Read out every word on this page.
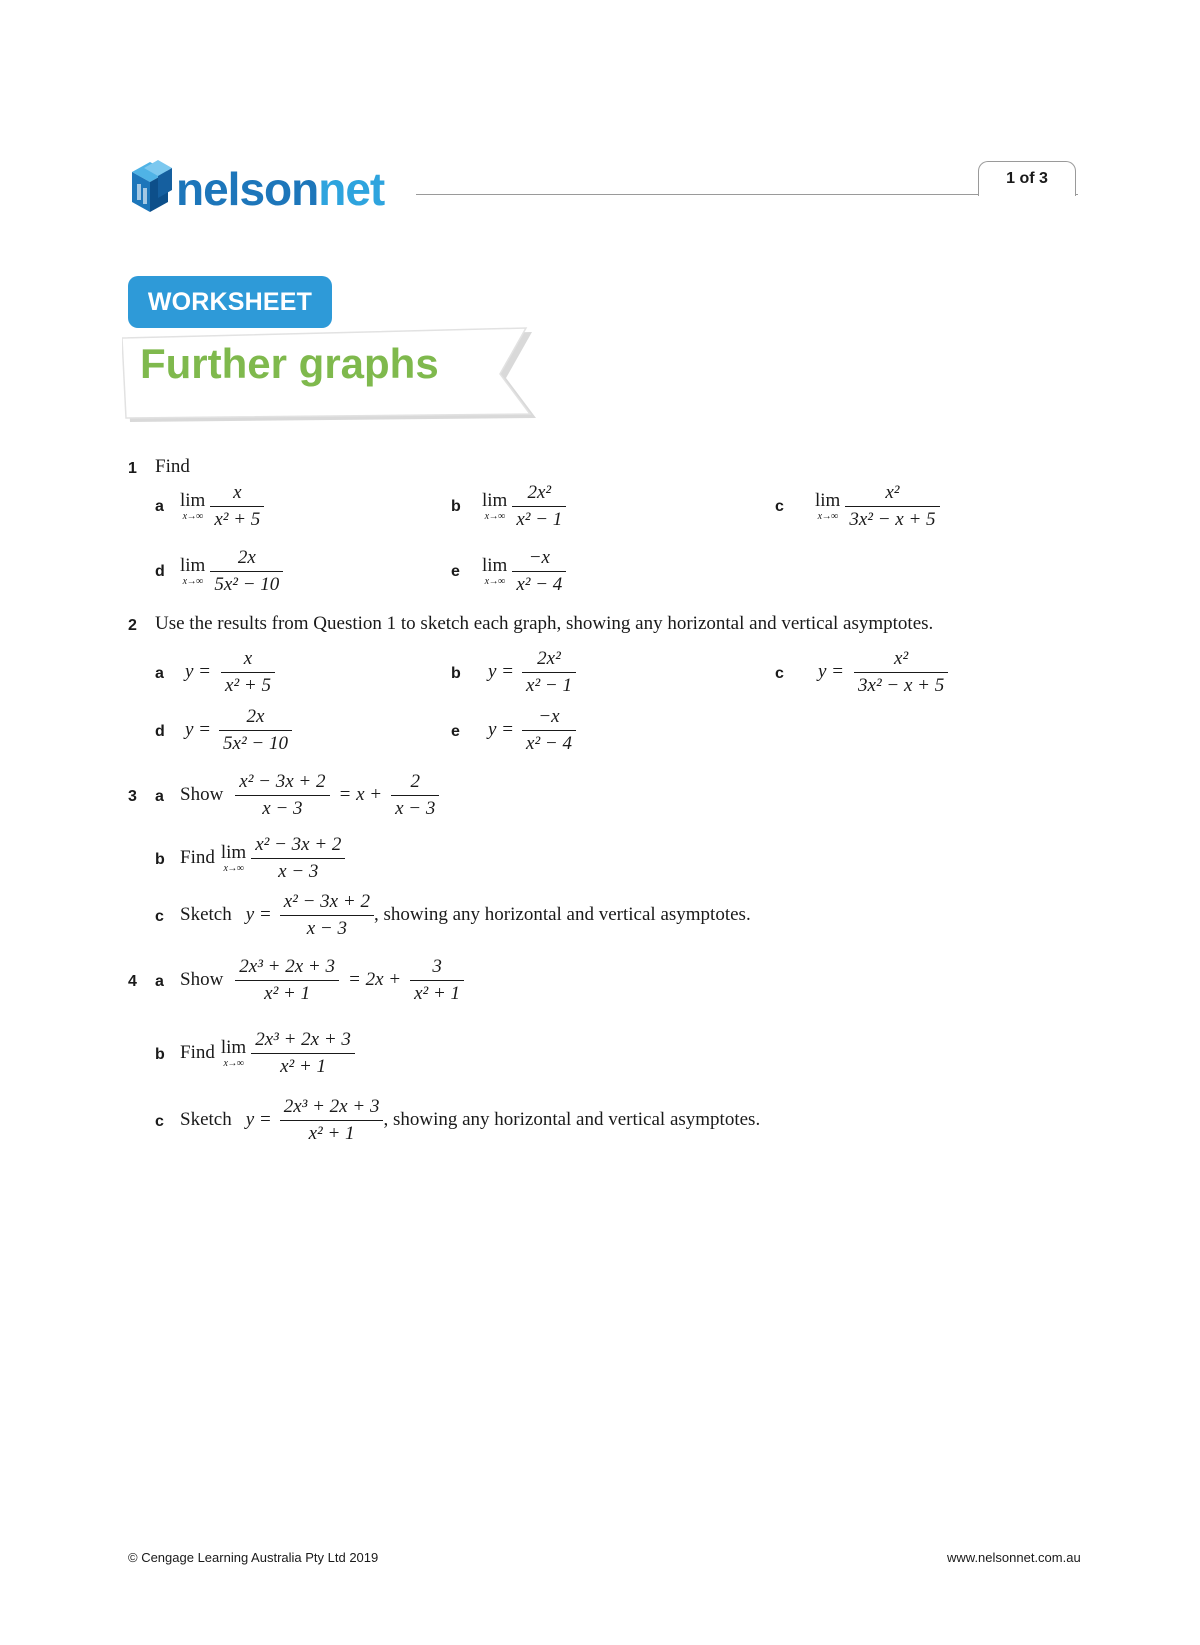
nelsonnet	1 of 3
WORKSHEET
Further graphs
1 Find
a lim
$x\to\infty \frac{x}{\text{x² + 5}}$	b lim
$x\to\infty \frac{\text{2x²}}{\text{x² − 1}}$	c lim
$x\to\infty \frac{\text{x²}}{\text{3x² − x + 5}}$
d lim
$x\to\infty \frac{2x}{\text{5x² − 10}}$	e lim
$x\to\infty \frac{-x}{\text{x² − 4}}$
2 Use the results from Question 1 to sketch each graph, showing any horizontal and vertical asymptotes.
a $y = \frac{x}{\text{x² + 5}}$	b $y = \frac{\text{2x²}}{\text{x² − 1}}$	c $y = \frac{\text{x²}}{\text{3x² − x + 5}}$
d $y = \frac{2x}{\text{5x² − 10}}$	e $y = \frac{-x}{\text{x² − 4}}$
3 a Show $\frac{\text{x² − 3x + 2}}{x - 3} = x + \frac{2}{x - 3}$
b Find lim
$x\to\infty \frac{\text{x² − 3x + 2}}{x - 3}$
c Sketch $y = \frac{\text{x² − 3x + 2}}{x - 3}$ , showing any horizontal and vertical asymptotes.
4 a Show $\frac{\text{2x³ + 2x + 3}}{\text{x² + 1}} = 2x + \frac{3}{\text{x² + 1}}$
b Find lim
$x\to\infty \frac{\text{2x³ + 2x + 3}}{\text{x² + 1}}$
c Sketch $y = \frac{\text{2x³ + 2x + 3}}{\text{x² + 1}}$ , showing any horizontal and vertical asymptotes.
© Cengage Learning Australia Pty Ltd 2019	www.nelsonnet.com.au
